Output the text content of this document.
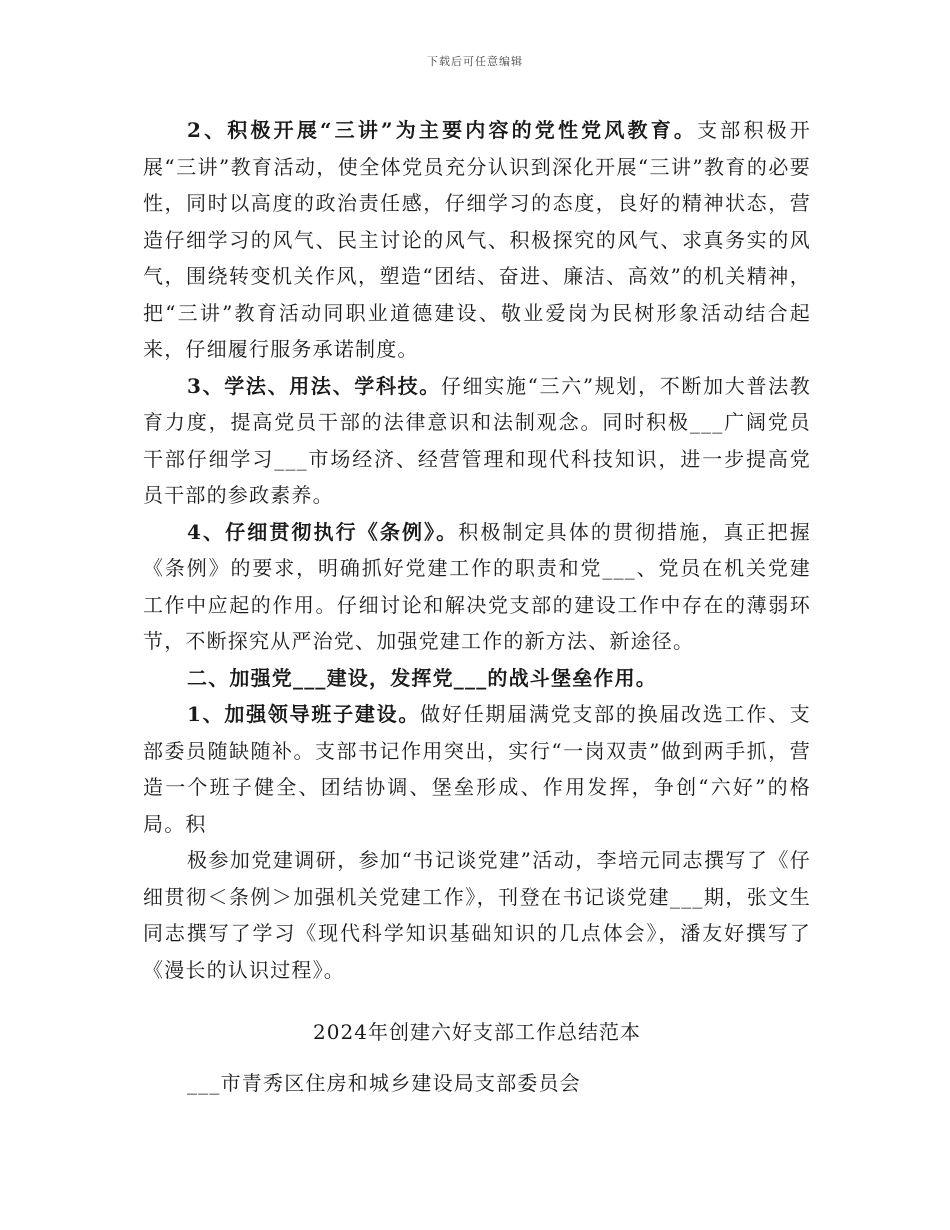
下载后可任意编辑

2、积极开展“三讲”为主要内容的党性党风教育。支部积极开展“三讲”教育活动，使全体党员充分认识到深化开展“三讲”教育的必要性，同时以高度的政治责任感，仔细学习的态度，良好的精神状态，营造仔细学习的风气、民主讨论的风气、积极探究的风气、求真务实的风气，围绕转变机关作风，塑造“团结、奋进、廉洁、高效”的机关精神，把“三讲”教育活动同职业道德建设、敬业爱岗为民树形象活动结合起来，仔细履行服务承诺制度。

3、学法、用法、学科技。仔细实施“三六”规划，不断加大普法教育力度，提高党员干部的法律意识和法制观念。同时积极___广阔党员干部仔细学习___市场经济、经营管理和现代科技知识，进一步提高党员干部的参政素养。

4、仔细贯彻执行《条例》。积极制定具体的贯彻措施，真正把握《条例》的要求，明确抓好党建工作的职责和党___、党员在机关党建工作中应起的作用。仔细讨论和解决党支部的建设工作中存在的薄弱环节，不断探究从严治党、加强党建工作的新方法、新途径。

二、加强党___建设，发挥党___的战斗堡垒作用。

1、加强领导班子建设。做好任期届满党支部的换届改选工作、支部委员随缺随补。支部书记作用突出，实行“一岗双责”做到两手抓，营造一个班子健全、团结协调、堡垒形成、作用发挥，争创“六好”的格局。积

极参加党建调研，参加“书记谈党建”活动，李培元同志撰写了《仔细贯彻＜条例＞加强机关党建工作》，刊登在书记谈党建___期，张文生同志撰写了学习《现代科学知识基础知识的几点体会》，潘友好撰写了《漫长的认识过程》。

2024年创建六好支部工作总结范本

___市青秀区住房和城乡建设局支部委员会
